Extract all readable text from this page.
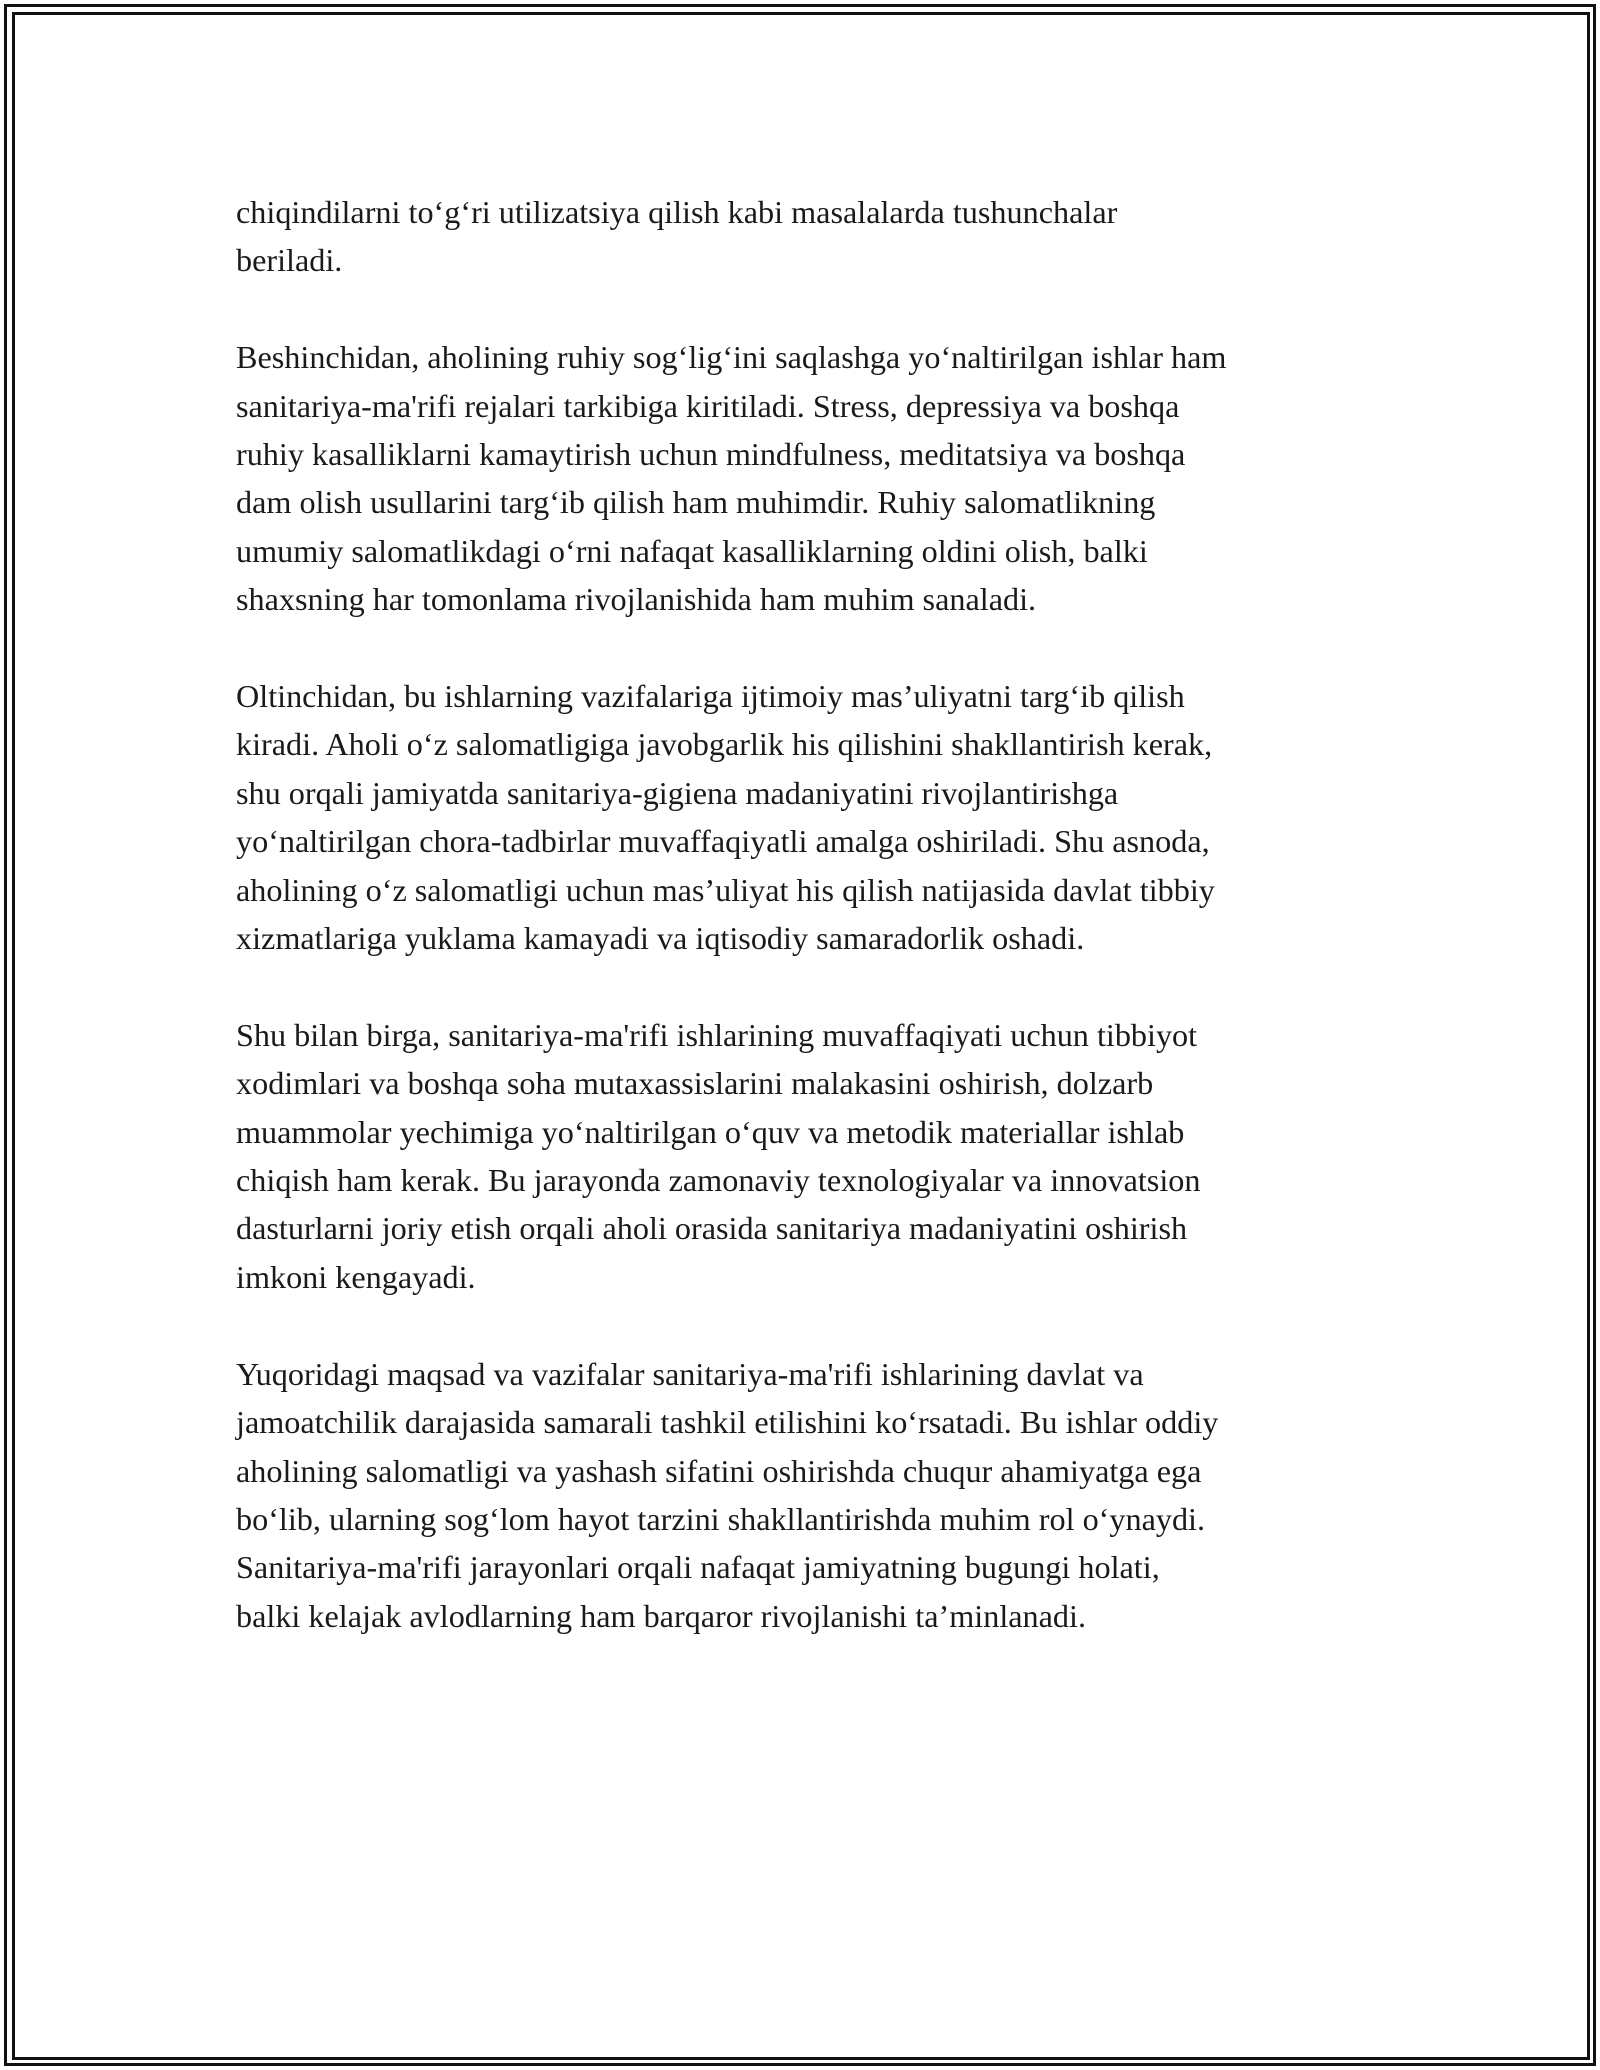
chiqindilarni to‘g‘ri utilizatsiya qilish kabi masalalarda tushunchalar
beriladi.

Beshinchidan, aholining ruhiy sog‘lig‘ini saqlashga yo‘naltirilgan ishlar ham
sanitariya-ma'rifi rejalari tarkibiga kiritiladi. Stress, depressiya va boshqa
ruhiy kasalliklarni kamaytirish uchun mindfulness, meditatsiya va boshqa
dam olish usullarini targ‘ib qilish ham muhimdir. Ruhiy salomatlikning
umumiy salomatlikdagi o‘rni nafaqat kasalliklarning oldini olish, balki
shaxsning har tomonlama rivojlanishida ham muhim sanaladi.

Oltinchidan, bu ishlarning vazifalariga ijtimoiy mas’uliyatni targ‘ib qilish
kiradi. Aholi o‘z salomatligiga javobgarlik his qilishini shakllantirish kerak,
shu orqali jamiyatda sanitariya-gigiena madaniyatini rivojlantirishga
yo‘naltirilgan chora-tadbirlar muvaffaqiyatli amalga oshiriladi. Shu asnoda,
aholining o‘z salomatligi uchun mas’uliyat his qilish natijasida davlat tibbiy
xizmatlariga yuklama kamayadi va iqtisodiy samaradorlik oshadi.

Shu bilan birga, sanitariya-ma'rifi ishlarining muvaffaqiyati uchun tibbiyot
xodimlari va boshqa soha mutaxassislarini malakasini oshirish, dolzarb
muammolar yechimiga yo‘naltirilgan o‘quv va metodik materiallar ishlab
chiqish ham kerak. Bu jarayonda zamonaviy texnologiyalar va innovatsion
dasturlarni joriy etish orqali aholi orasida sanitariya madaniyatini oshirish
imkoni kengayadi.

Yuqoridagi maqsad va vazifalar sanitariya-ma'rifi ishlarining davlat va
jamoatchilik darajasida samarali tashkil etilishini ko‘rsatadi. Bu ishlar oddiy
aholining salomatligi va yashash sifatini oshirishda chuqur ahamiyatga ega
bo‘lib, ularning sog‘lom hayot tarzini shakllantirishda muhim rol o‘ynaydi.
Sanitariya-ma'rifi jarayonlari orqali nafaqat jamiyatning bugungi holati,
balki kelajak avlodlarning ham barqaror rivojlanishi ta’minlanadi.
